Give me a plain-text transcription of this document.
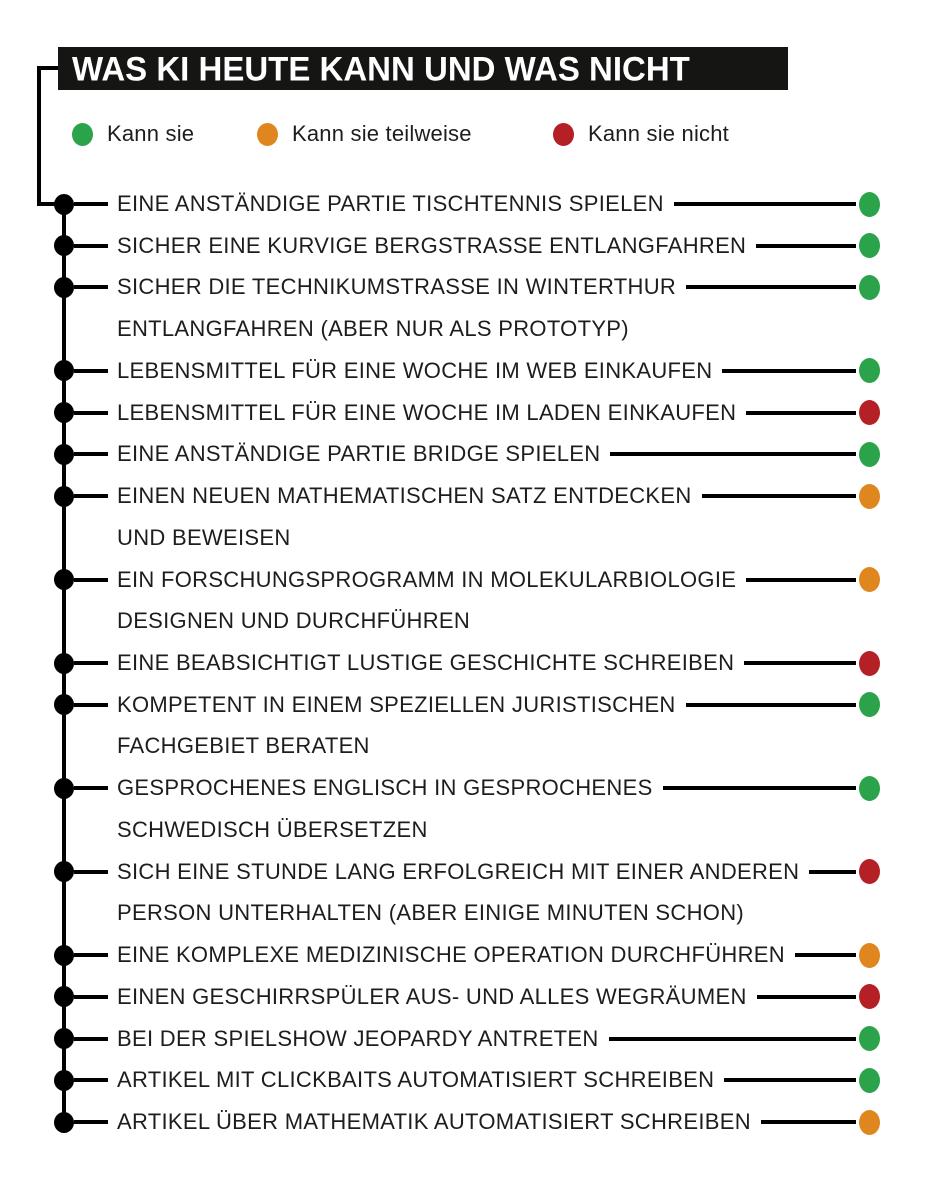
WAS KI HEUTE KANN UND WAS NICHT
Kann sie	Kann sie teilweise	Kann sie nicht
EINE ANSTÄNDIGE PARTIE TISCHTENNIS SPIELEN
SICHER EINE KURVIGE BERGSTRASSE ENTLANGFAHREN
SICHER DIE TECHNIKUMSTRASSE IN WINTERTHUR
ENTLANGFAHREN (ABER NUR ALS PROTOTYP)
LEBENSMITTEL FÜR EINE WOCHE IM WEB EINKAUFEN
LEBENSMITTEL FÜR EINE WOCHE IM LADEN EINKAUFEN
EINE ANSTÄNDIGE PARTIE BRIDGE SPIELEN
EINEN NEUEN MATHEMATISCHEN SATZ ENTDECKEN
UND BEWEISEN
EIN FORSCHUNGSPROGRAMM IN MOLEKULARBIOLOGIE
DESIGNEN UND DURCHFÜHREN
EINE BEABSICHTIGT LUSTIGE GESCHICHTE SCHREIBEN
KOMPETENT IN EINEM SPEZIELLEN JURISTISCHEN
FACHGEBIET BERATEN
GESPROCHENES ENGLISCH IN GESPROCHENES
SCHWEDISCH ÜBERSETZEN
SICH EINE STUNDE LANG ERFOLGREICH MIT EINER ANDEREN
PERSON UNTERHALTEN (ABER EINIGE MINUTEN SCHON)
EINE KOMPLEXE MEDIZINISCHE OPERATION DURCHFÜHREN
EINEN GESCHIRRSPÜLER AUS- UND ALLES WEGRÄUMEN
BEI DER SPIELSHOW JEOPARDY ANTRETEN
ARTIKEL MIT CLICKBAITS AUTOMATISIERT SCHREIBEN
ARTIKEL ÜBER MATHEMATIK AUTOMATISIERT SCHREIBEN
